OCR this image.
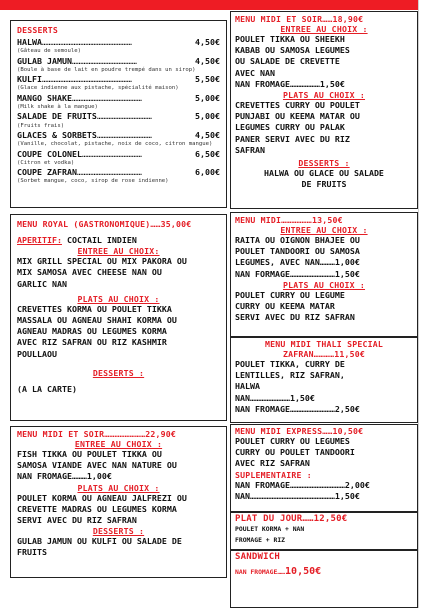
DESSERTS
HALWA ………………………………………………	4,50€
(Gâteau de semoule)
GULAB JAMUN …………………………………	4,50€
(Boule à base de lait en poudre trempé dans un sirop)
KULFI ………………………………………………	5,50€
(Glace indienne aux pistache, spécialité maison)
MANGO SHAKE ……………………………………	5,00€
(Milk shake à la mangue)
SALADE DE FRUITS ……………………………	5,00€
(Fruits frais)
GLACES & SORBETS ……………………………	4,50€
(Vanille, chocolat, pistache, noix de coco, citron mangue)
COUPE COLONEL ………………………………	6,50€
(Citron et vodka)
COUPE ZAFRAN …………………………………	6,00€
(Sorbet mangue, coco, sirop de rose indienne)
MENU MIDI ET SOIR……18,90€
ENTREE AU CHOIX :
POULET TIKKA OU SHEEKH
KABAB OU SAMOSA LEGUMES
OU SALADE DE CREVETTE
AVEC NAN
NAN FROMAGE………………1,50€
PLATS AU CHOIX :
CREVETTES CURRY OU POULET
PUNJABI OU KEEMA MATAR OU
LEGUMES CURRY OU PALAK
PANER SERVI AVEC DU RIZ
SAFRAN
DESSERTS :
HALWA OU GLACE OU SALADE
DE FRUITS
MENU ROYAL (GASTRONOMIQUE)……35,00€
APERITIF: COCTAIL INDIEN
ENTREE AU CHOIX:
MIX GRILL SPECIAL OU MIX PAKORA OU
MIX SAMOSA AVEC CHEESE NAN OU
GARLIC NAN
PLATS AU CHOIX :
CREVETTES KORMA OU POULET TIKKA
MASSALA OU AGNEAU SHAHI KORMA OU
AGNEAU MADRAS OU LEGUMES KORMA
AVEC RIZ SAFRAN OU RIZ KASHMIR
POULLAOU
DESSERTS :
(A LA CARTE)
MENU MIDI………………13,50€
ENTREE AU CHOIX :
RAITA OU OIGNON BHAJEE OU
POULET TANDOORI OU SAMOSA
LEGUMES, AVEC NAN………1,00€
NAN FORMAGE………………………1,50€
PLATS AU CHOIX :
POULET CURRY OU LEGUME
CURRY OU KEEMA MATAR
SERVI AVEC DU RIZ SAFRAN
MENU MIDI THALI SPECIAL
ZAFRAN…………11,50€
POULET TIKKA, CURRY DE
LENTILLES, RIZ SAFRAN,
HALWA
NAN……………………1,50€
NAN FROMAGE………………………2,50€
MENU MIDI ET SOIR……………………22,90€
ENTREE AU CHOIX :
FISH TIKKA OU POULET TIKKA OU
SAMOSA VIANDE AVEC NAN NATURE OU
NAN FROMAGE………1,00€
PLATS AU CHOIX :
POULET KORMA OU AGNEAU JALFREZI OU
CREVETTE MADRAS OU LEGUMES KORMA
SERVI AVEC DU RIZ SAFRAN
DESSERTS :
GULAB JAMUN OU KULFI OU SALADE DE
FRUITS
MENU MIDI EXPRESS……10,50€
POULET CURRY OU LEGUMES
CURRY OU POULET TANDOORI
AVEC RIZ SAFRAN
SUPLEMENTAIRE :
NAN FROMAGE……………………………2,00€
NAN……………………………………………1,50€
PLAT DU JOUR……12,50€
POULET KORMA + NAN
FROMAGE + RIZ
SANDWICH
NAN FROMAGE……10,50€
